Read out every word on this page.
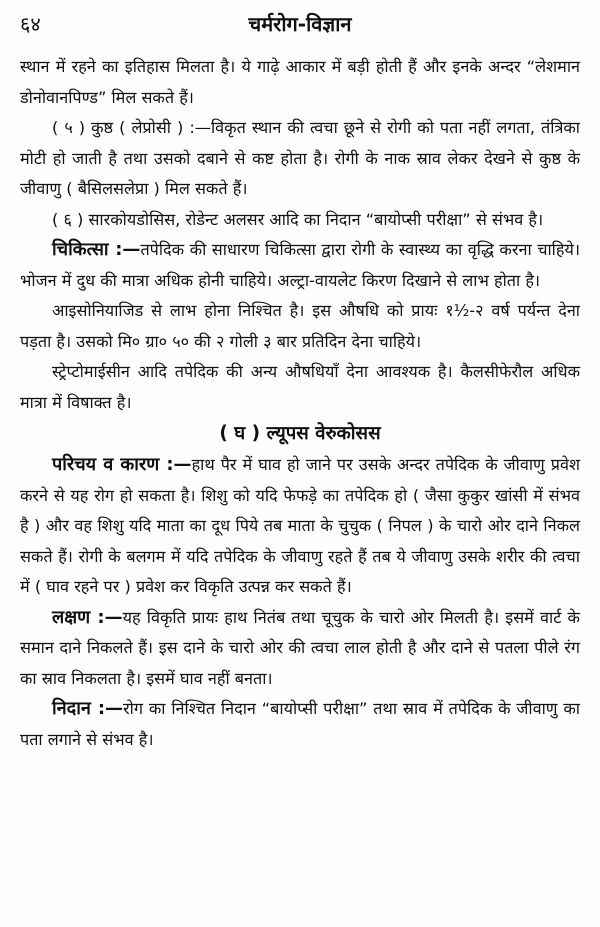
६४	चर्मरोग-विज्ञान

स्थान में रहने का इतिहास मिलता है। ये गाढ़े आकार में बड़ी होती हैं और इनके अन्दर “लेशमान डोनोवानपिण्ड” मिल सकते हैं।

( ५ ) कुष्ठ ( लेप्रोसी ) :—विकृत स्थान की त्वचा छूने से रोगी को पता नहीं लगता, तंत्रिका मोटी हो जाती है तथा उसको दबाने से कष्ट होता है। रोगी के नाक स्राव लेकर देखने से कुष्ठ के जीवाणु ( बैसिलसलेप्रा ) मिल सकते हैं।

( ६ ) सारकोयडोसिस, रोडेन्ट अलसर आदि का निदान “बायोप्सी परीक्षा” से संभव है।

चिकित्सा :—तपेदिक की साधारण चिकित्सा द्वारा रोगी के स्वास्थ्य का वृद्धि करना चाहिये। भोजन में दुध की मात्रा अधिक होनी चाहिये। अल्ट्रा-वायलेट किरण दिखाने से लाभ होता है।

आइसोनियाजिड से लाभ होना निश्चित है। इस औषधि को प्रायः १½-२ वर्ष पर्यन्त देना पड़ता है। उसको मि० ग्रा० ५० की २ गोली ३ बार प्रतिदिन देना चाहिये।

स्ट्रेप्टोमाईसीन आदि तपेदिक की अन्य औषधियाँ देना आवश्यक है। कैलसीफेरौल अधिक मात्रा में विषाक्त है।

( घ ) ल्यूपस वेरुकोसस

परिचय व कारण :—हाथ पैर में घाव हो जाने पर उसके अन्दर तपेदिक के जीवाणु प्रवेश करने से यह रोग हो सकता है। शिशु को यदि फेफड़े का तपेदिक हो ( जैसा कुकुर खांसी में संभव है ) और वह शिशु यदि माता का दूध पिये तब माता के चुचुक ( निपल ) के चारो ओर दाने निकल सकते हैं। रोगी के बलगम में यदि तपेदिक के जीवाणु रहते हैं तब ये जीवाणु उसके शरीर की त्वचा में ( घाव रहने पर ) प्रवेश कर विकृति उत्पन्न कर सकते हैं।

लक्षण :—यह विकृति प्रायः हाथ नितंब तथा चूचुक के चारो ओर मिलती है। इसमें वार्ट के समान दाने निकलते हैं। इस दाने के चारो ओर की त्वचा लाल होती है और दाने से पतला पीले रंग का स्राव निकलता है। इसमें घाव नहीं बनता।

निदान :—रोग का निश्चित निदान “बायोप्सी परीक्षा” तथा स्राव में तपेदिक के जीवाणु का पता लगाने से संभव है।
